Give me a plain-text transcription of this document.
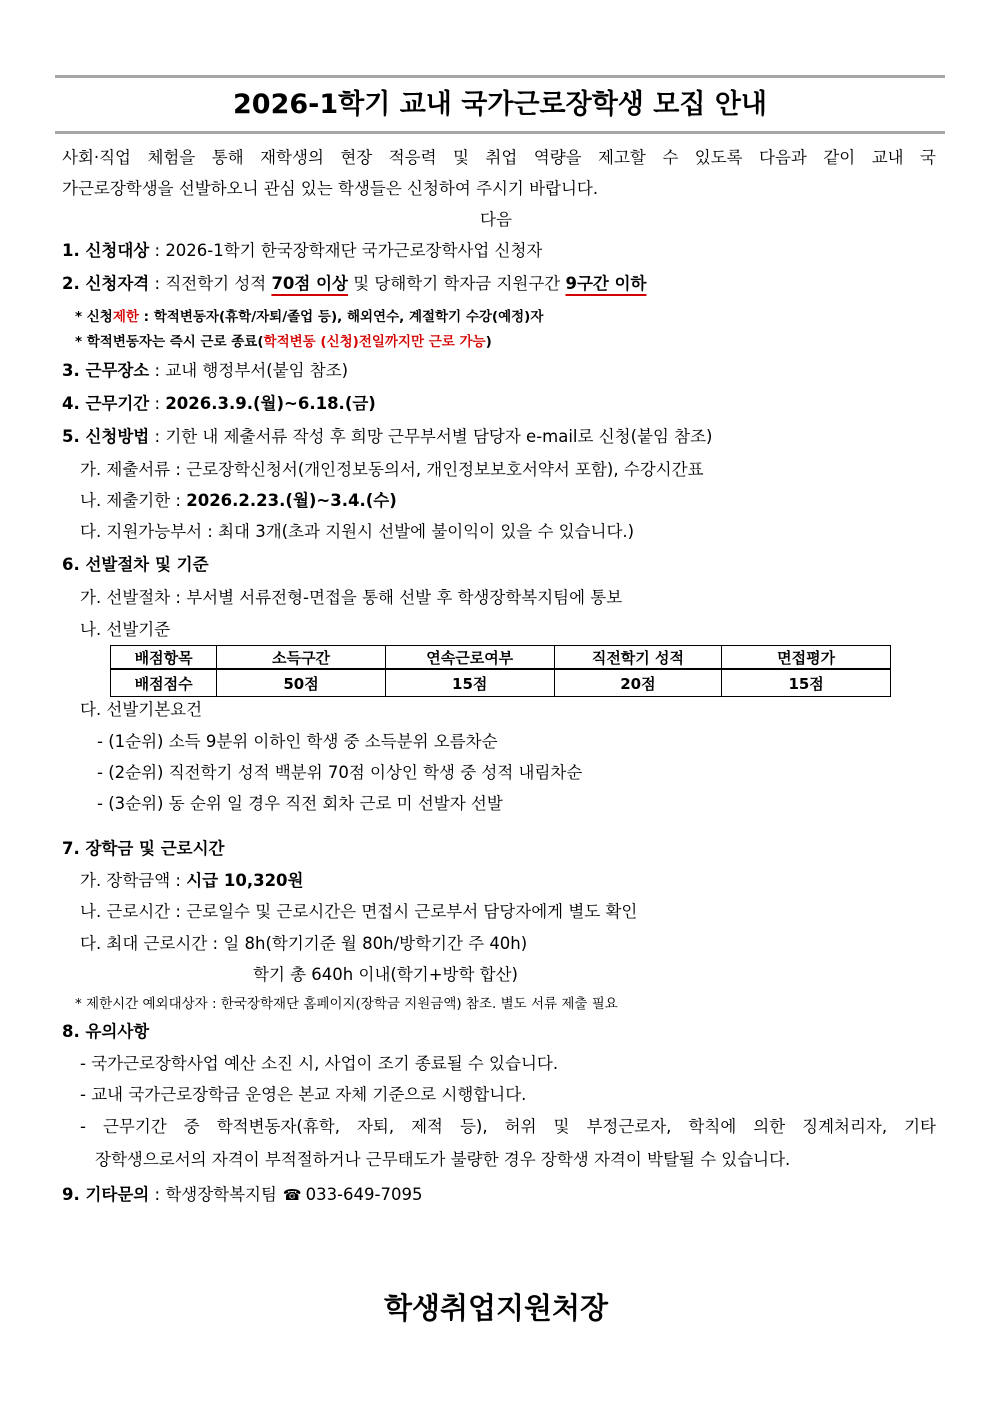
2026-1학기 교내 국가근로장학생 모집 안내
사회·직업 체험을 통해 재학생의 현장 적응력 및 취업 역량을 제고할 수 있도록 다음과 같이 교내 국
가근로장학생을 선발하오니 관심 있는 학생들은 신청하여 주시기 바랍니다.
다음
1. 신청대상 : 2026-1학기 한국장학재단 국가근로장학사업 신청자
2. 신청자격 : 직전학기 성적 70점 이상 및 당해학기 학자금 지원구간 9구간 이하
* 신청제한 : 학적변동자(휴학/자퇴/졸업 등), 해외연수, 계절학기 수강(예정)자
* 학적변동자는 즉시 근로 종료(학적변동 (신청)전일까지만 근로 가능)
3. 근무장소 : 교내 행정부서(붙임 참조)
4. 근무기간 : 2026.3.9.(월)~6.18.(금)
5. 신청방법 : 기한 내 제출서류 작성 후 희망 근무부서별 담당자 e-mail로 신청(붙임 참조)
가. 제출서류 : 근로장학신청서(개인정보동의서, 개인정보보호서약서 포함), 수강시간표
나. 제출기한 : 2026.2.23.(월)~3.4.(수)
다. 지원가능부서 : 최대 3개(초과 지원시 선발에 불이익이 있을 수 있습니다.)
6. 선발절차 및 기준
가. 선발절차 : 부서별 서류전형-면접을 통해 선발 후 학생장학복지팀에 통보
나. 선발기준
배점항목	소득구간	연속근로여부	직전학기 성적	면접평가
배점점수	50점	15점	20점	15점
다. 선발기본요건
- (1순위) 소득 9분위 이하인 학생 중 소득분위 오름차순
- (2순위) 직전학기 성적 백분위 70점 이상인 학생 중 성적 내림차순
- (3순위) 동 순위 일 경우 직전 회차 근로 미 선발자 선발
7. 장학금 및 근로시간
가. 장학금액 : 시급 10,320원
나. 근로시간 : 근로일수 및 근로시간은 면접시 근로부서 담당자에게 별도 확인
다. 최대 근로시간 : 일 8h(학기기준 월 80h/방학기간 주 40h)
학기 총 640h 이내(학기+방학 합산)
* 제한시간 예외대상자 : 한국장학재단 홈페이지(장학금 지원금액) 참조. 별도 서류 제출 필요
8. 유의사항
- 국가근로장학사업 예산 소진 시, 사업이 조기 종료될 수 있습니다.
- 교내 국가근로장학금 운영은 본교 자체 기준으로 시행합니다.
- 근무기간 중 학적변동자(휴학, 자퇴, 제적 등), 허위 및 부정근로자, 학칙에 의한 징계처리자, 기타
장학생으로서의 자격이 부적절하거나 근무태도가 불량한 경우 장학생 자격이 박탈될 수 있습니다.
9. 기타문의 : 학생장학복지팀 ☎ 033-649-7095
학생취업지원처장
